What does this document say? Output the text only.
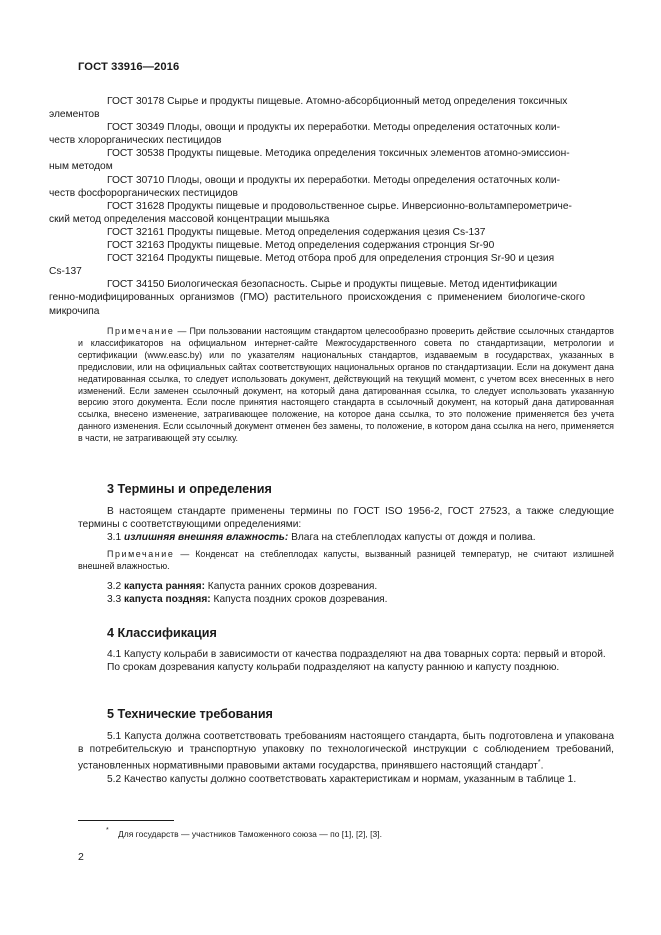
ГОСТ 33916—2016

ГОСТ 30178 Сырье и продукты пищевые. Атомно-абсорбционный метод определения токсичных
элементов

ГОСТ 30349 Плоды, овощи и продукты их переработки. Методы определения остаточных коли-
честв хлорорганических пестицидов

ГОСТ 30538 Продукты пищевые. Методика определения токсичных элементов атомно-эмиссион-
ным методом

ГОСТ 30710 Плоды, овощи и продукты их переработки. Методы определения остаточных коли-
честв фосфорорганических пестицидов

ГОСТ 31628 Продукты пищевые и продовольственное сырье. Инверсионно-вольтамперометриче-
ский метод определения массовой концентрации мышьяка

ГОСТ 32161 Продукты пищевые. Метод определения содержания цезия Cs-137

ГОСТ 32163 Продукты пищевые. Метод определения содержания стронция Sr-90

ГОСТ 32164 Продукты пищевые. Метод отбора проб для определения стронция Sr-90 и цезия
Cs-137

ГОСТ 34150 Биологическая безопасность. Сырье и продукты пищевые. Метод идентификации
генно-модифицированных организмов (ГМО) растительного происхождения с применением биологиче-ского микрочипа

Примечание — При пользовании настоящим стандартом целесообразно проверить действие ссылочных стандартов и классификаторов на официальном интернет-сайте Межгосударственного совета по стандартизации, метрологии и сертификации (www.easc.by) или по указателям национальных стандартов, издаваемым в государствах, указанных в предисловии, или на официальных сайтах соответствующих национальных органов по стандартизации. Если на документ дана недатированная ссылка, то следует использовать документ, действующий на текущий момент, с учетом всех внесенных в него изменений. Если заменен ссылочный документ, на который дана датированная ссылка, то следует использовать указанную версию этого документа. Если после принятия настоящего стандарта в ссылочный документ, на который дана датированная ссылка, внесено изменение, затрагивающее положение, на которое дана ссылка, то это положение применяется без учета данного изменения. Если ссылочный документ отменен без замены, то положение, в котором дана ссылка на него, применяется в части, не затрагивающей эту ссылку.

3 Термины и определения

В настоящем стандарте применены термины по ГОСТ ISO 1956-2, ГОСТ 27523, а также следующие термины с соответствующими определениями:

3.1 излишняя внешняя влажность: Влага на стеблеплодах капусты от дождя и полива.

Примечание — Конденсат на стеблеплодах капусты, вызванный разницей температур, не считают излишней внешней влажностью.

3.2 капуста ранняя: Капуста ранних сроков дозревания.

3.3 капуста поздняя: Капуста поздних сроков дозревания.

4 Классификация

4.1 Капусту кольраби в зависимости от качества подразделяют на два товарных сорта: первый и второй.

По срокам дозревания капусту кольраби подразделяют на капусту раннюю и капусту позднюю.

5 Технические требования

5.1 Капуста должна соответствовать требованиям настоящего стандарта, быть подготовлена и упакована в потребительскую и транспортную упаковку по технологической инструкции с соблюдением требований, установленных нормативными правовыми актами государства, принявшего настоящий стандарт*.

5.2 Качество капусты должно соответствовать характеристикам и нормам, указанным в таблице 1.

* Для государств — участников Таможенного союза — по [1], [2], [3].
2
